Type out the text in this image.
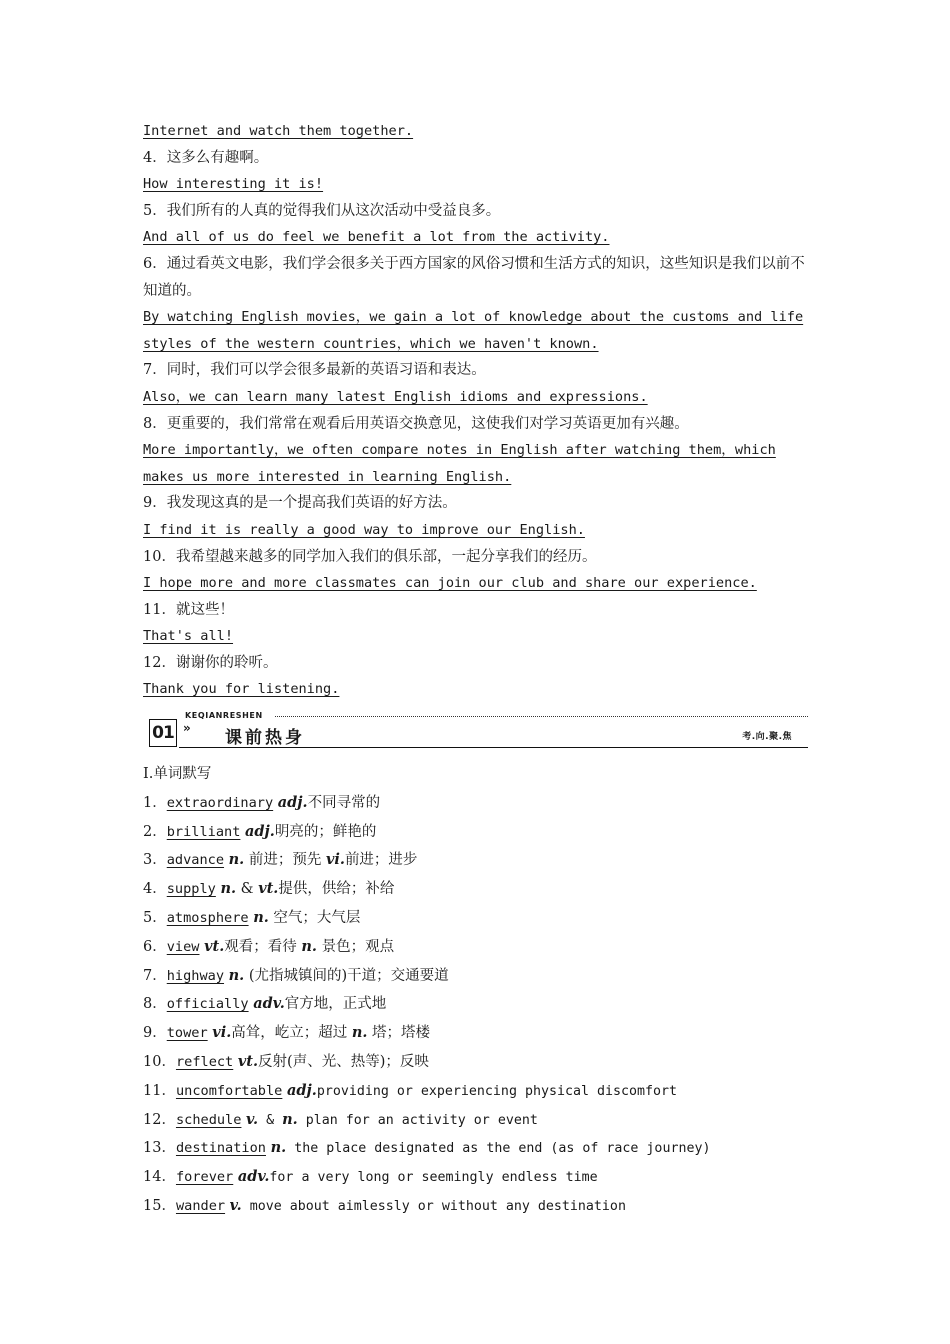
Internet and watch them together.
4．这多么有趣啊。
How interesting it is!
5．我们所有的人真的觉得我们从这次活动中受益良多。
And all of us do feel we benefit a lot from the activity.
6．通过看英文电影，我们学会很多关于西方国家的风俗习惯和生活方式的知识，这些知识是我们以前不知道的。
By watching English movies，we gain a lot of knowledge about the customs and lifestyles of the western countries，which we haven't known.
7．同时，我们可以学会很多最新的英语习语和表达。
Also，we can learn many latest English idioms and expressions.
8．更重要的，我们常常在观看后用英语交换意见，这使我们对学习英语更加有兴趣。
More importantly，we often compare notes in English after watching them，which makes us more interested in learning English.
9．我发现这真的是一个提高我们英语的好方法。
I find it is really a good way to improve our English.
10．我希望越来越多的同学加入我们的俱乐部，一起分享我们的经历。
I hope more and more classmates can join our club and share our experience.
11．就这些！
That's all!
12．谢谢你的聆听。
Thank you for listening.
01
KEQIANRESHEN
» 课前热身	考.向.聚.焦
Ⅰ.单词默写
1．extraordinary adj.不同寻常的
2．brilliant adj.明亮的；鲜艳的
3．advance n. 前进；预先 vi.前进；进步
4．supply n. & vt.提供，供给；补给
5．atmosphere n. 空气；大气层
6．view vt.观看；看待 n. 景色；观点
7．highway n. (尤指城镇间的)干道；交通要道
8．officially adv.官方地，正式地
9．tower vi.高耸，屹立；超过 n. 塔；塔楼
10．reflect vt.反射(声、光、热等)；反映
11．uncomfortable adj.providing or experiencing physical discomfort
12．schedule v. & n. plan for an activity or event
13．destination n. the place designated as the end (as of race journey)
14．forever adv.for a very long or seemingly endless time
15．wander v. move about aimlessly or without any destination
